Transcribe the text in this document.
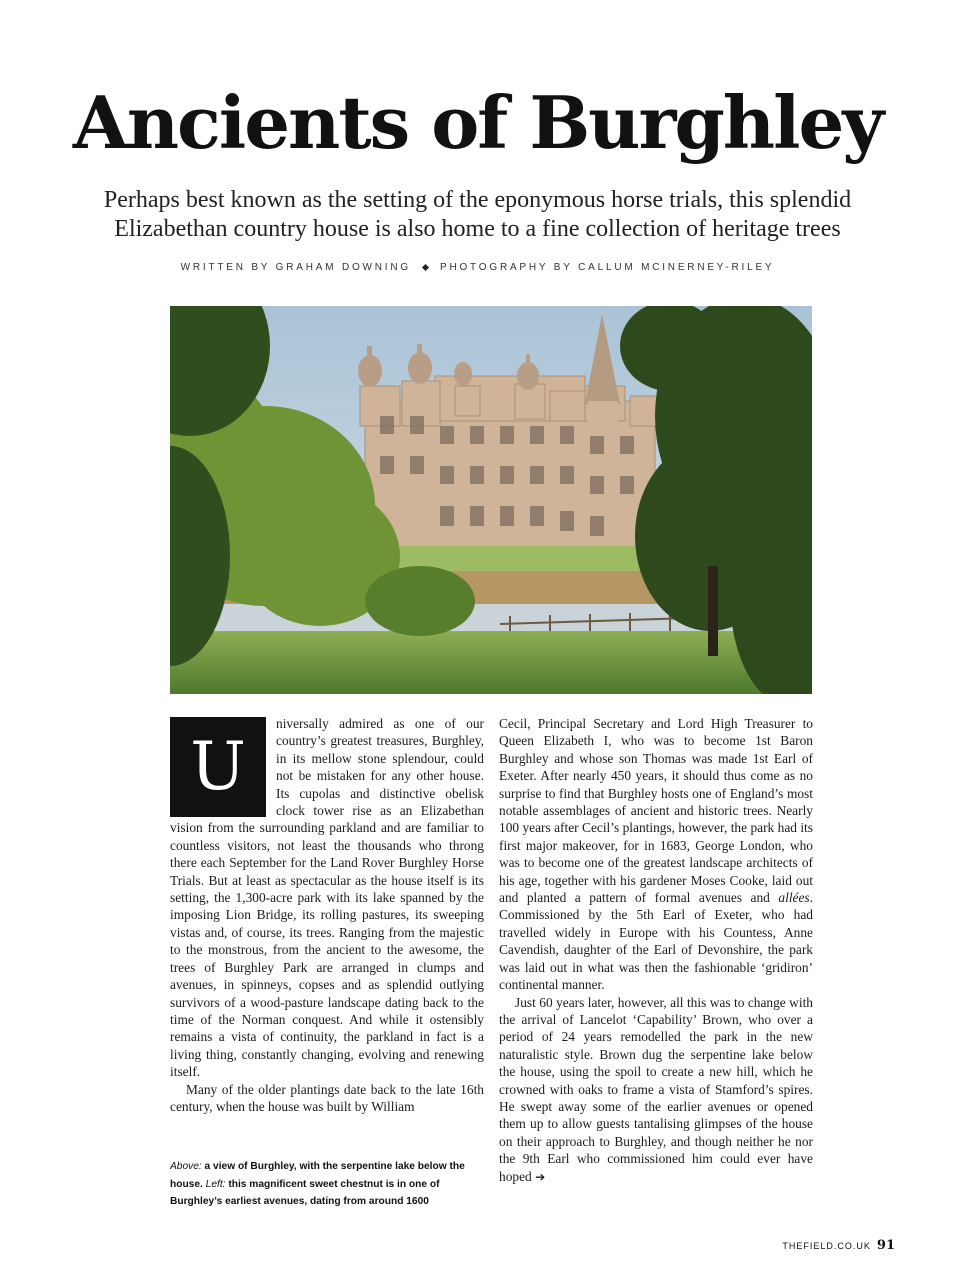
Ancients of Burghley

Perhaps best known as the setting of the eponymous horse trials, this splendid Elizabethan country house is also home to a fine collection of heritage trees

WRITTEN BY GRAHAM DOWNING	PHOTOGRAPHY BY CALLUM MCINERNEY-RILEY

U
niversally admired as one of our country’s greatest treasures, Burghley, in its mellow stone splendour, could not be mistaken for any other house. Its cupolas and distinctive obelisk clock tower rise as an Elizabethan vision from the surrounding parkland and are familiar to countless visitors, not least the thousands who throng there each September for the Land Rover Burghley Horse Trials. But at least as spectacular as the house itself is its setting, the 1,300-acre park with its lake spanned by the imposing Lion Bridge, its rolling pastures, its sweeping vistas and, of course, its trees. Ranging from the majestic to the monstrous, from the ancient to the awesome, the trees of Burghley Park are arranged in clumps and avenues, in spinneys, copses and as splendid outlying survivors of a wood-pasture landscape dating back to the time of the Norman conquest. And while it ostensibly remains a vista of continuity, the parkland in fact is a living thing, constantly changing, evolving and renewing itself.

Many of the older plantings date back to the late 16th century, when the house was built by William

Above: a view of Burghley, with the serpentine lake below the house. Left: this magnificent sweet chestnut is in one of Burghley’s earliest avenues, dating from around 1600

Cecil, Principal Secretary and Lord High Treasurer to Queen Elizabeth I, who was to become 1st Baron Burghley and whose son Thomas was made 1st Earl of Exeter. After nearly 450 years, it should thus come as no surprise to find that Burghley hosts one of England’s most notable assemblages of ancient and historic trees. Nearly 100 years after Cecil’s plantings, however, the park had its first major makeover, for in 1683, George London, who was to become one of the greatest landscape architects of his age, together with his gardener Moses Cooke, laid out and planted a pattern of formal avenues and allées. Commissioned by the 5th Earl of Exeter, who had travelled widely in Europe with his Countess, Anne Cavendish, daughter of the Earl of Devonshire, the park was laid out in what was then the fashionable ‘gridiron’ continental manner.

Just 60 years later, however, all this was to change with the arrival of Lancelot ‘Capability’ Brown, who over a period of 24 years remodelled the park in the new naturalistic style. Brown dug the serpentine lake below the house, using the spoil to create a new hill, which he crowned with oaks to frame a vista of Stamford’s spires. He swept away some of the earlier avenues or opened them up to allow guests tantalising glimpses of the house on their approach to Burghley, and though neither he nor the 9th Earl who commissioned him could ever have hoped ➔

THEFIELD.CO.UK 91
